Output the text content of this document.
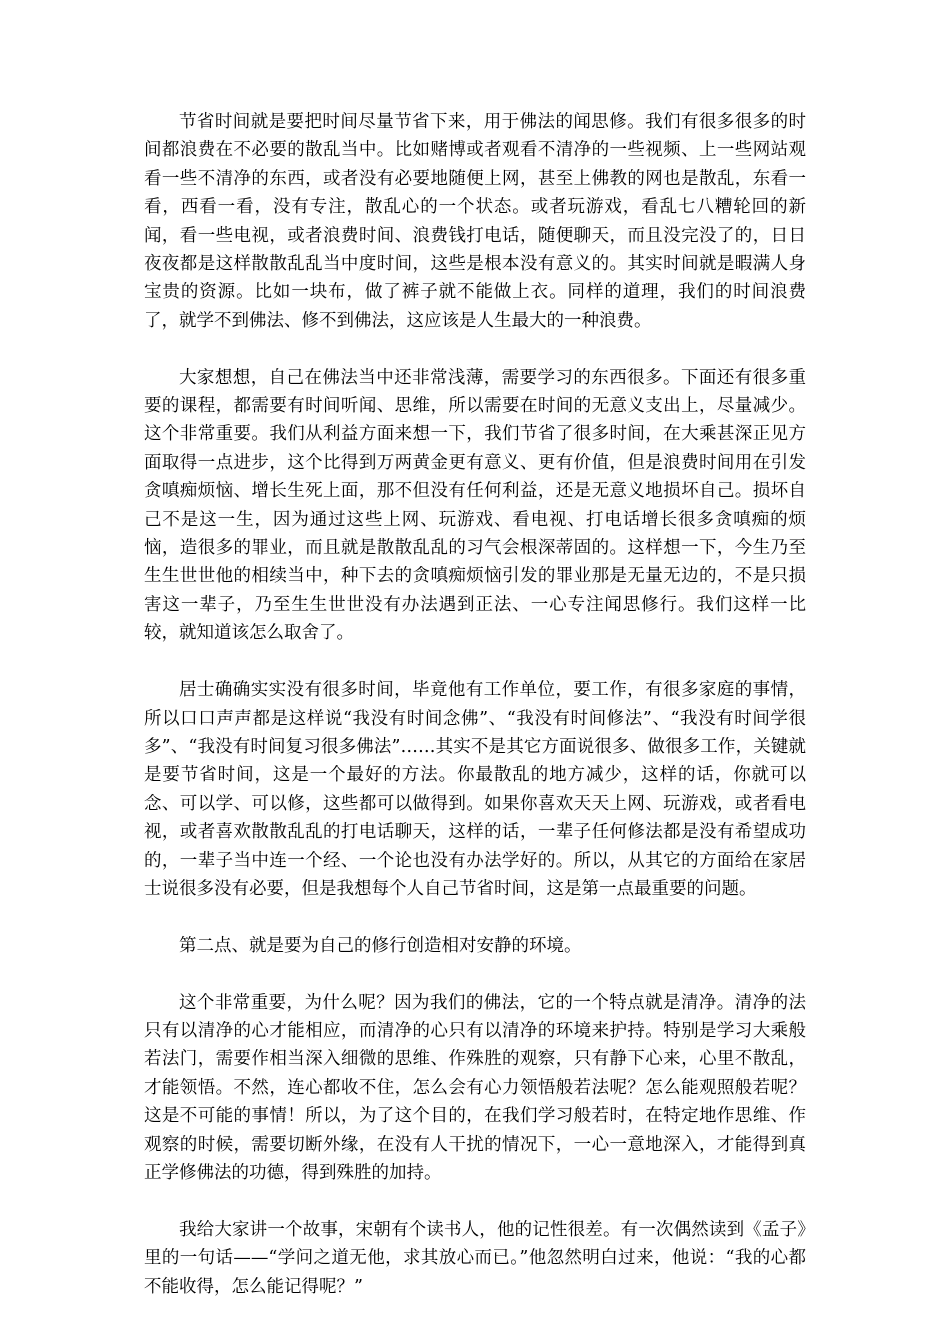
节省时间就是要把时间尽量节省下来，用于佛法的闻思修。我们有很多很多的时间都浪费在不必要的散乱当中。比如赌博或者观看不清净的一些视频、上一些网站观看一些不清净的东西，或者没有必要地随便上网，甚至上佛教的网也是散乱，东看一看，西看一看，没有专注，散乱心的一个状态。或者玩游戏，看乱七八糟轮回的新闻，看一些电视，或者浪费时间、浪费钱打电话，随便聊天，而且没完没了的，日日夜夜都是这样散散乱乱当中度时间，这些是根本没有意义的。其实时间就是暇满人身宝贵的资源。比如一块布，做了裤子就不能做上衣。同样的道理，我们的时间浪费了，就学不到佛法、修不到佛法，这应该是人生最大的一种浪费。

大家想想，自己在佛法当中还非常浅薄，需要学习的东西很多。下面还有很多重要的课程，都需要有时间听闻、思维，所以需要在时间的无意义支出上，尽量减少。这个非常重要。我们从利益方面来想一下，我们节省了很多时间，在大乘甚深正见方面取得一点进步，这个比得到万两黄金更有意义、更有价值，但是浪费时间用在引发贪嗔痴烦恼、增长生死上面，那不但没有任何利益，还是无意义地损坏自己。损坏自己不是这一生，因为通过这些上网、玩游戏、看电视、打电话增长很多贪嗔痴的烦恼，造很多的罪业，而且就是散散乱乱的习气会根深蒂固的。这样想一下，今生乃至生生世世他的相续当中，种下去的贪嗔痴烦恼引发的罪业那是无量无边的，不是只损害这一辈子，乃至生生世世没有办法遇到正法、一心专注闻思修行。我们这样一比较，就知道该怎么取舍了。

居士确确实实没有很多时间，毕竟他有工作单位，要工作，有很多家庭的事情，所以口口声声都是这样说“我没有时间念佛”、“我没有时间修法”、“我没有时间学很多”、“我没有时间复习很多佛法”……其实不是其它方面说很多、做很多工作，关键就是要节省时间，这是一个最好的方法。你最散乱的地方减少，这样的话，你就可以念、可以学、可以修，这些都可以做得到。如果你喜欢天天上网、玩游戏，或者看电视，或者喜欢散散乱乱的打电话聊天，这样的话，一辈子任何修法都是没有希望成功的，一辈子当中连一个经、一个论也没有办法学好的。所以，从其它的方面给在家居士说很多没有必要，但是我想每个人自己节省时间，这是第一点最重要的问题。

第二点、就是要为自己的修行创造相对安静的环境。

这个非常重要，为什么呢？因为我们的佛法，它的一个特点就是清净。清净的法只有以清净的心才能相应，而清净的心只有以清净的环境来护持。特别是学习大乘般若法门，需要作相当深入细微的思维、作殊胜的观察，只有静下心来，心里不散乱，才能领悟。不然，连心都收不住，怎么会有心力领悟般若法呢？怎么能观照般若呢？这是不可能的事情！所以，为了这个目的，在我们学习般若时，在特定地作思维、作观察的时候，需要切断外缘，在没有人干扰的情况下，一心一意地深入，才能得到真正学修佛法的功德，得到殊胜的加持。

我给大家讲一个故事，宋朝有个读书人，他的记性很差。有一次偶然读到《孟子》里的一句话——“学问之道无他，求其放心而已。”他忽然明白过来，他说：“我的心都不能收得，怎么能记得呢？”
